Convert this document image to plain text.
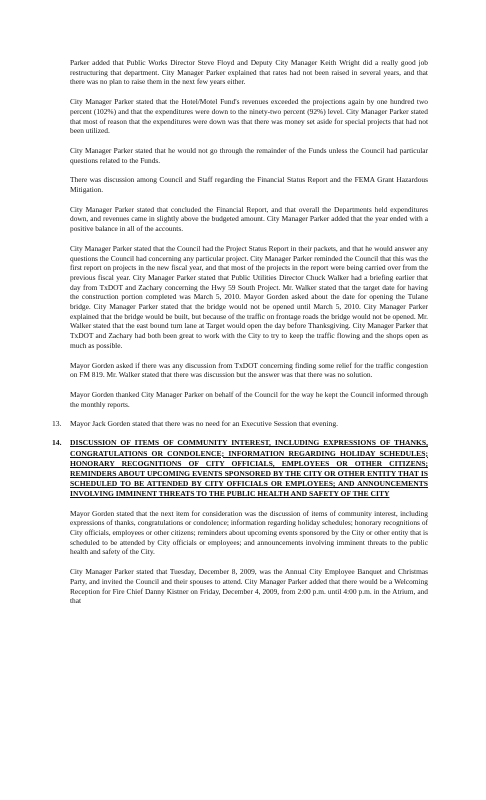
Parker added that Public Works Director Steve Floyd and Deputy City Manager Keith Wright did a really good job restructuring that department. City Manager Parker explained that rates had not been raised in several years, and that there was no plan to raise them in the next few years either.

City Manager Parker stated that the Hotel/Motel Fund's revenues exceeded the projections again by one hundred two percent (102%) and that the expenditures were down to the ninety-two percent (92%) level. City Manager Parker stated that most of reason that the expenditures were down was that there was money set aside for special projects that had not been utilized.

City Manager Parker stated that he would not go through the remainder of the Funds unless the Council had particular questions related to the Funds.

There was discussion among Council and Staff regarding the Financial Status Report and the FEMA Grant Hazardous Mitigation.

City Manager Parker stated that concluded the Financial Report, and that overall the Departments held expenditures down, and revenues came in slightly above the budgeted amount. City Manager Parker added that the year ended with a positive balance in all of the accounts.

City Manager Parker stated that the Council had the Project Status Report in their packets, and that he would answer any questions the Council had concerning any particular project. City Manager Parker reminded the Council that this was the first report on projects in the new fiscal year, and that most of the projects in the report were being carried over from the previous fiscal year. City Manager Parker stated that Public Utilities Director Chuck Walker had a briefing earlier that day from TxDOT and Zachary concerning the Hwy 59 South Project. Mr. Walker stated that the target date for having the construction portion completed was March 5, 2010. Mayor Gorden asked about the date for opening the Tulane bridge. City Manager Parker stated that the bridge would not be opened until March 5, 2010. City Manager Parker explained that the bridge would be built, but because of the traffic on frontage roads the bridge would not be opened. Mr. Walker stated that the east bound turn lane at Target would open the day before Thanksgiving. City Manager Parker that TxDOT and Zachary had both been great to work with the City to try to keep the traffic flowing and the shops open as much as possible.

Mayor Gorden asked if there was any discussion from TxDOT concerning finding some relief for the traffic congestion on FM 819. Mr. Walker stated that there was discussion but the answer was that there was no solution.

Mayor Gorden thanked City Manager Parker on behalf of the Council for the way he kept the Council informed through the monthly reports.

13. Mayor Jack Gorden stated that there was no need for an Executive Session that evening.
14. DISCUSSION OF ITEMS OF COMMUNITY INTEREST, INCLUDING EXPRESSIONS OF THANKS, CONGRATULATIONS OR CONDOLENCE; INFORMATION REGARDING HOLIDAY SCHEDULES; HONORARY RECOGNITIONS OF CITY OFFICIALS, EMPLOYEES OR OTHER CITIZENS; REMINDERS ABOUT UPCOMING EVENTS SPONSORED BY THE CITY OR OTHER ENTITY THAT IS SCHEDULED TO BE ATTENDED BY CITY OFFICIALS OR EMPLOYEES; AND ANNOUNCEMENTS INVOLVING IMMINENT THREATS TO THE PUBLIC HEALTH AND SAFETY OF THE CITY

Mayor Gorden stated that the next item for consideration was the discussion of items of community interest, including expressions of thanks, congratulations or condolence; information regarding holiday schedules; honorary recognitions of City officials, employees or other citizens; reminders about upcoming events sponsored by the City or other entity that is scheduled to be attended by City officials or employees; and announcements involving imminent threats to the public health and safety of the City.

City Manager Parker stated that Tuesday, December 8, 2009, was the Annual City Employee Banquet and Christmas Party, and invited the Council and their spouses to attend. City Manager Parker added that there would be a Welcoming Reception for Fire Chief Danny Kistner on Friday, December 4, 2009, from 2:00 p.m. until 4:00 p.m. in the Atrium, and that
